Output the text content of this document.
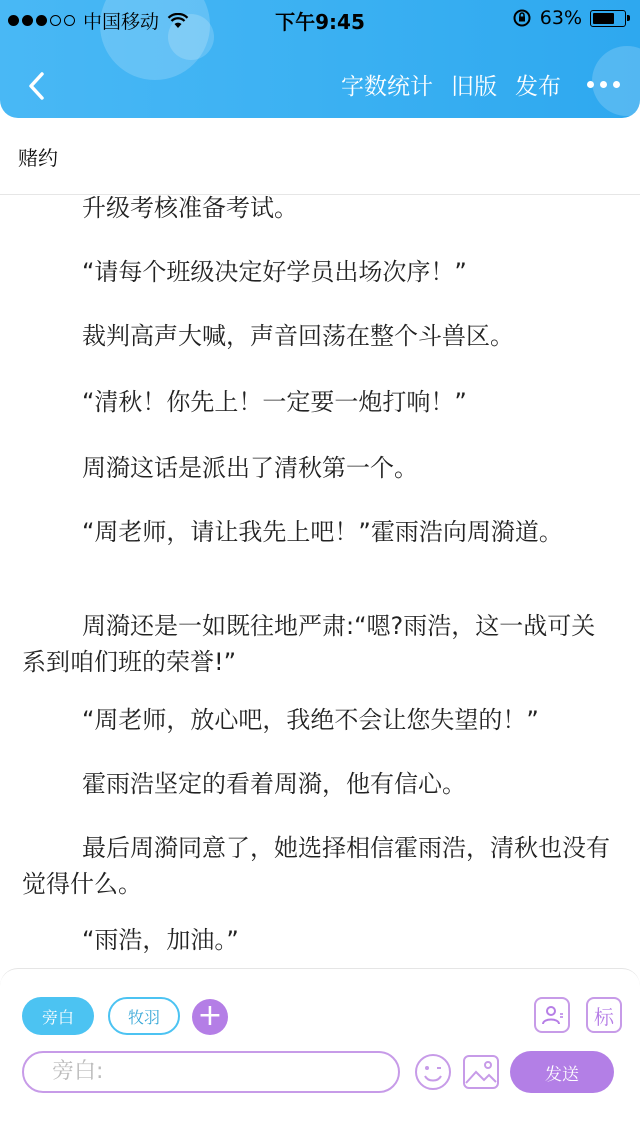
中国移动	下午9:45	63%
字数统计 旧版 发布
赌约
升级考核准备考试。
“请每个班级决定好学员出场次序！”
裁判高声大喊，声音回荡在整个斗兽区。
“清秋！你先上！一定要一炮打响！”
周漪这话是派出了清秋第一个。
“周老师，请让我先上吧！”霍雨浩向周漪道。
周漪还是一如既往地严肃:“嗯?雨浩，这一战可关系到咱们班的荣誉!”
“周老师，放心吧，我绝不会让您失望的！”
霍雨浩坚定的看着周漪，他有信心。
最后周漪同意了，她选择相信霍雨浩，清秋也没有觉得什么。
“雨浩，加油。”
旁白	牧羽	+	标
旁白:	发送
